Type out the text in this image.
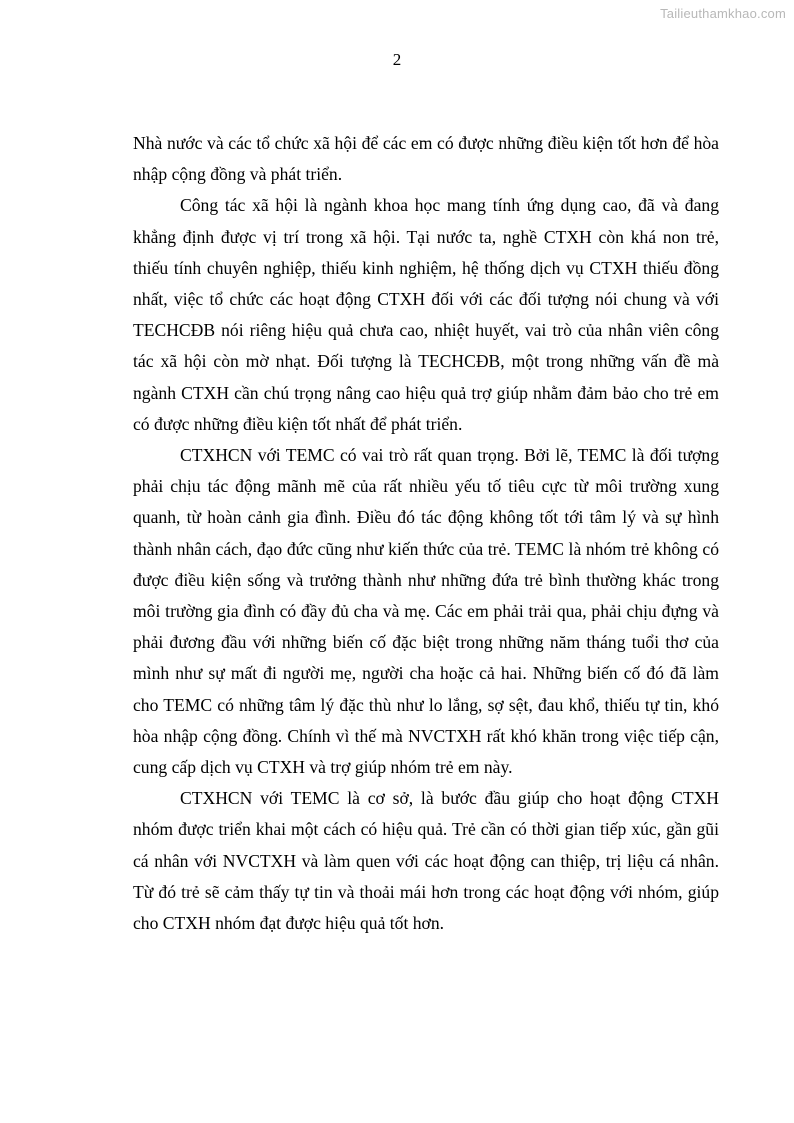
Tailieuthamkhao.com
2

Nhà nước và các tổ chức xã hội để các em có được những điều kiện tốt hơn để hòa nhập cộng đồng và phát triển.

Công tác xã hội là ngành khoa học mang tính ứng dụng cao, đã và đang khẳng định được vị trí trong xã hội. Tại nước ta, nghề CTXH còn khá non trẻ, thiếu tính chuyên nghiệp, thiếu kinh nghiệm, hệ thống dịch vụ CTXH thiếu đồng nhất, việc tổ chức các hoạt động CTXH đối với các đối tượng nói chung và với TECHCĐB nói riêng hiệu quả chưa cao, nhiệt huyết, vai trò của nhân viên công tác xã hội còn mờ nhạt. Đối tượng là TECHCĐB, một trong những vấn đề mà ngành CTXH cần chú trọng nâng cao hiệu quả trợ giúp nhằm đảm bảo cho trẻ em có được những điều kiện tốt nhất để phát triển.

CTXHCN với TEMC có vai trò rất quan trọng. Bởi lẽ, TEMC là đối tượng phải chịu tác động mãnh mẽ của rất nhiều yếu tố tiêu cực từ môi trường xung quanh, từ hoàn cảnh gia đình. Điều đó tác động không tốt tới tâm lý và sự hình thành nhân cách, đạo đức cũng như kiến thức của trẻ. TEMC là nhóm trẻ không có được điều kiện sống và trưởng thành như những đứa trẻ bình thường khác trong môi trường gia đình có đầy đủ cha và mẹ. Các em phải trải qua, phải chịu đựng và phải đương đầu với những biến cố đặc biệt trong những năm tháng tuổi thơ của mình như sự mất đi người mẹ, người cha hoặc cả hai. Những biến cố đó đã làm cho TEMC có những tâm lý đặc thù như lo lắng, sợ sệt, đau khổ, thiếu tự tin, khó hòa nhập cộng đồng. Chính vì thế mà NVCTXH rất khó khăn trong việc tiếp cận, cung cấp dịch vụ CTXH và trợ giúp nhóm trẻ em này.

CTXHCN với TEMC là cơ sở, là bước đầu giúp cho hoạt động CTXH nhóm được triển khai một cách có hiệu quả. Trẻ cần có thời gian tiếp xúc, gần gũi cá nhân với NVCTXH và làm quen với các hoạt động can thiệp, trị liệu cá nhân. Từ đó trẻ sẽ cảm thấy tự tin và thoải mái hơn trong các hoạt động với nhóm, giúp cho CTXH nhóm đạt được hiệu quả tốt hơn.
